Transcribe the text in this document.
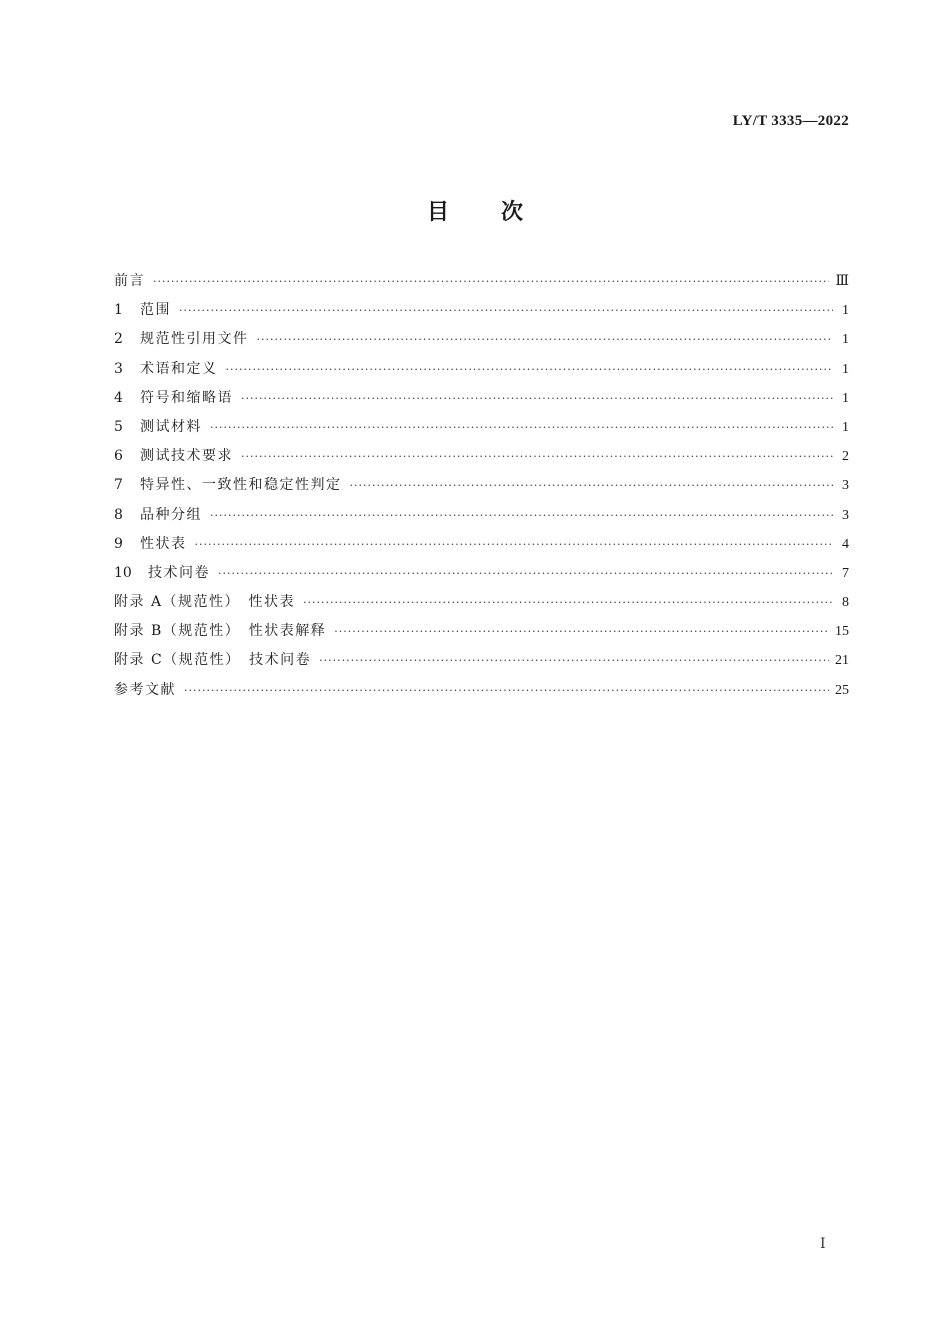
LY/T 3335—2022
目次
前言 ·····	Ⅲ
1	范围 ·····	1
2	规范性引用文件 ·····	1
3	术语和定义 ·····	1
4	符号和缩略语 ·····	1
5	测试材料 ·····	1
6	测试技术要求 ·····	2
7	特异性、一致性和稳定性判定 ·····	3
8	品种分组 ·····	3
9	性状表 ·····	4
10	技术问卷 ·····	7
附录 A（规范性）　性状表 ·····	8
附录 B（规范性）　性状表解释 ·····	15
附录 C（规范性）　技术问卷 ·····	21
参考文献 ·····	25
Ⅰ
